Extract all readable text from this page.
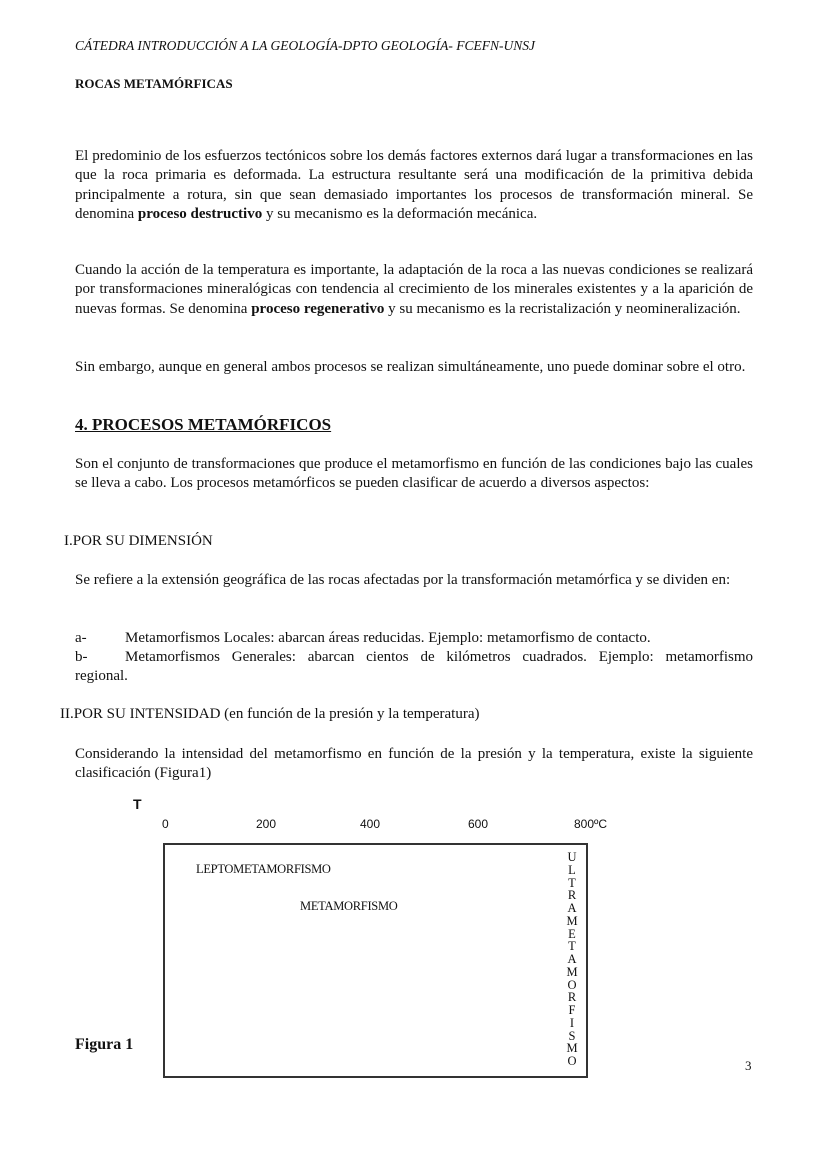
CÁTEDRA INTRODUCCIÓN A LA GEOLOGÍA-DPTO GEOLOGÍA- FCEFN-UNSJ
ROCAS METAMÓRFICAS
El predominio de los esfuerzos tectónicos sobre los demás factores externos dará lugar a transformaciones en las que la roca primaria es deformada. La estructura resultante será una modificación de la primitiva debida principalmente a rotura, sin que sean demasiado importantes los procesos de transformación mineral. Se denomina proceso destructivo y su mecanismo es la deformación mecánica.
Cuando la acción de la temperatura es importante, la adaptación de la roca a las nuevas condiciones se realizará por transformaciones mineralógicas con tendencia al crecimiento de los minerales existentes y a la aparición de nuevas formas. Se denomina proceso regenerativo y su mecanismo es la recristalización y neomineralización.
Sin embargo, aunque en general ambos procesos se realizan simultáneamente, uno puede dominar sobre el otro.
4. PROCESOS METAMÓRFICOS
Son el conjunto de transformaciones que produce el metamorfismo en función de las condiciones bajo las cuales se lleva a cabo. Los procesos metamórficos se pueden clasificar de acuerdo a diversos aspectos:
I.POR SU DIMENSIÓN
Se refiere a la extensión geográfica de las rocas afectadas por la transformación metamórfica y se dividen en:
a-	Metamorfismos Locales: abarcan áreas reducidas. Ejemplo: metamorfismo de contacto.
b-	Metamorfismos Generales: abarcan cientos de kilómetros cuadrados. Ejemplo: metamorfismo
regional.
II.POR SU INTENSIDAD (en función de la presión y la temperatura)
Considerando la intensidad del metamorfismo en función de la presión y la temperatura, existe la siguiente clasificación (Figura1)
T
0	200	400	600	800ºC
LEPTOMETAMORFISMO
METAMORFISMO
U
L
T
R
A
M
E
T
A
M
O
R
F
I
S
M
O
Figura 1
3
